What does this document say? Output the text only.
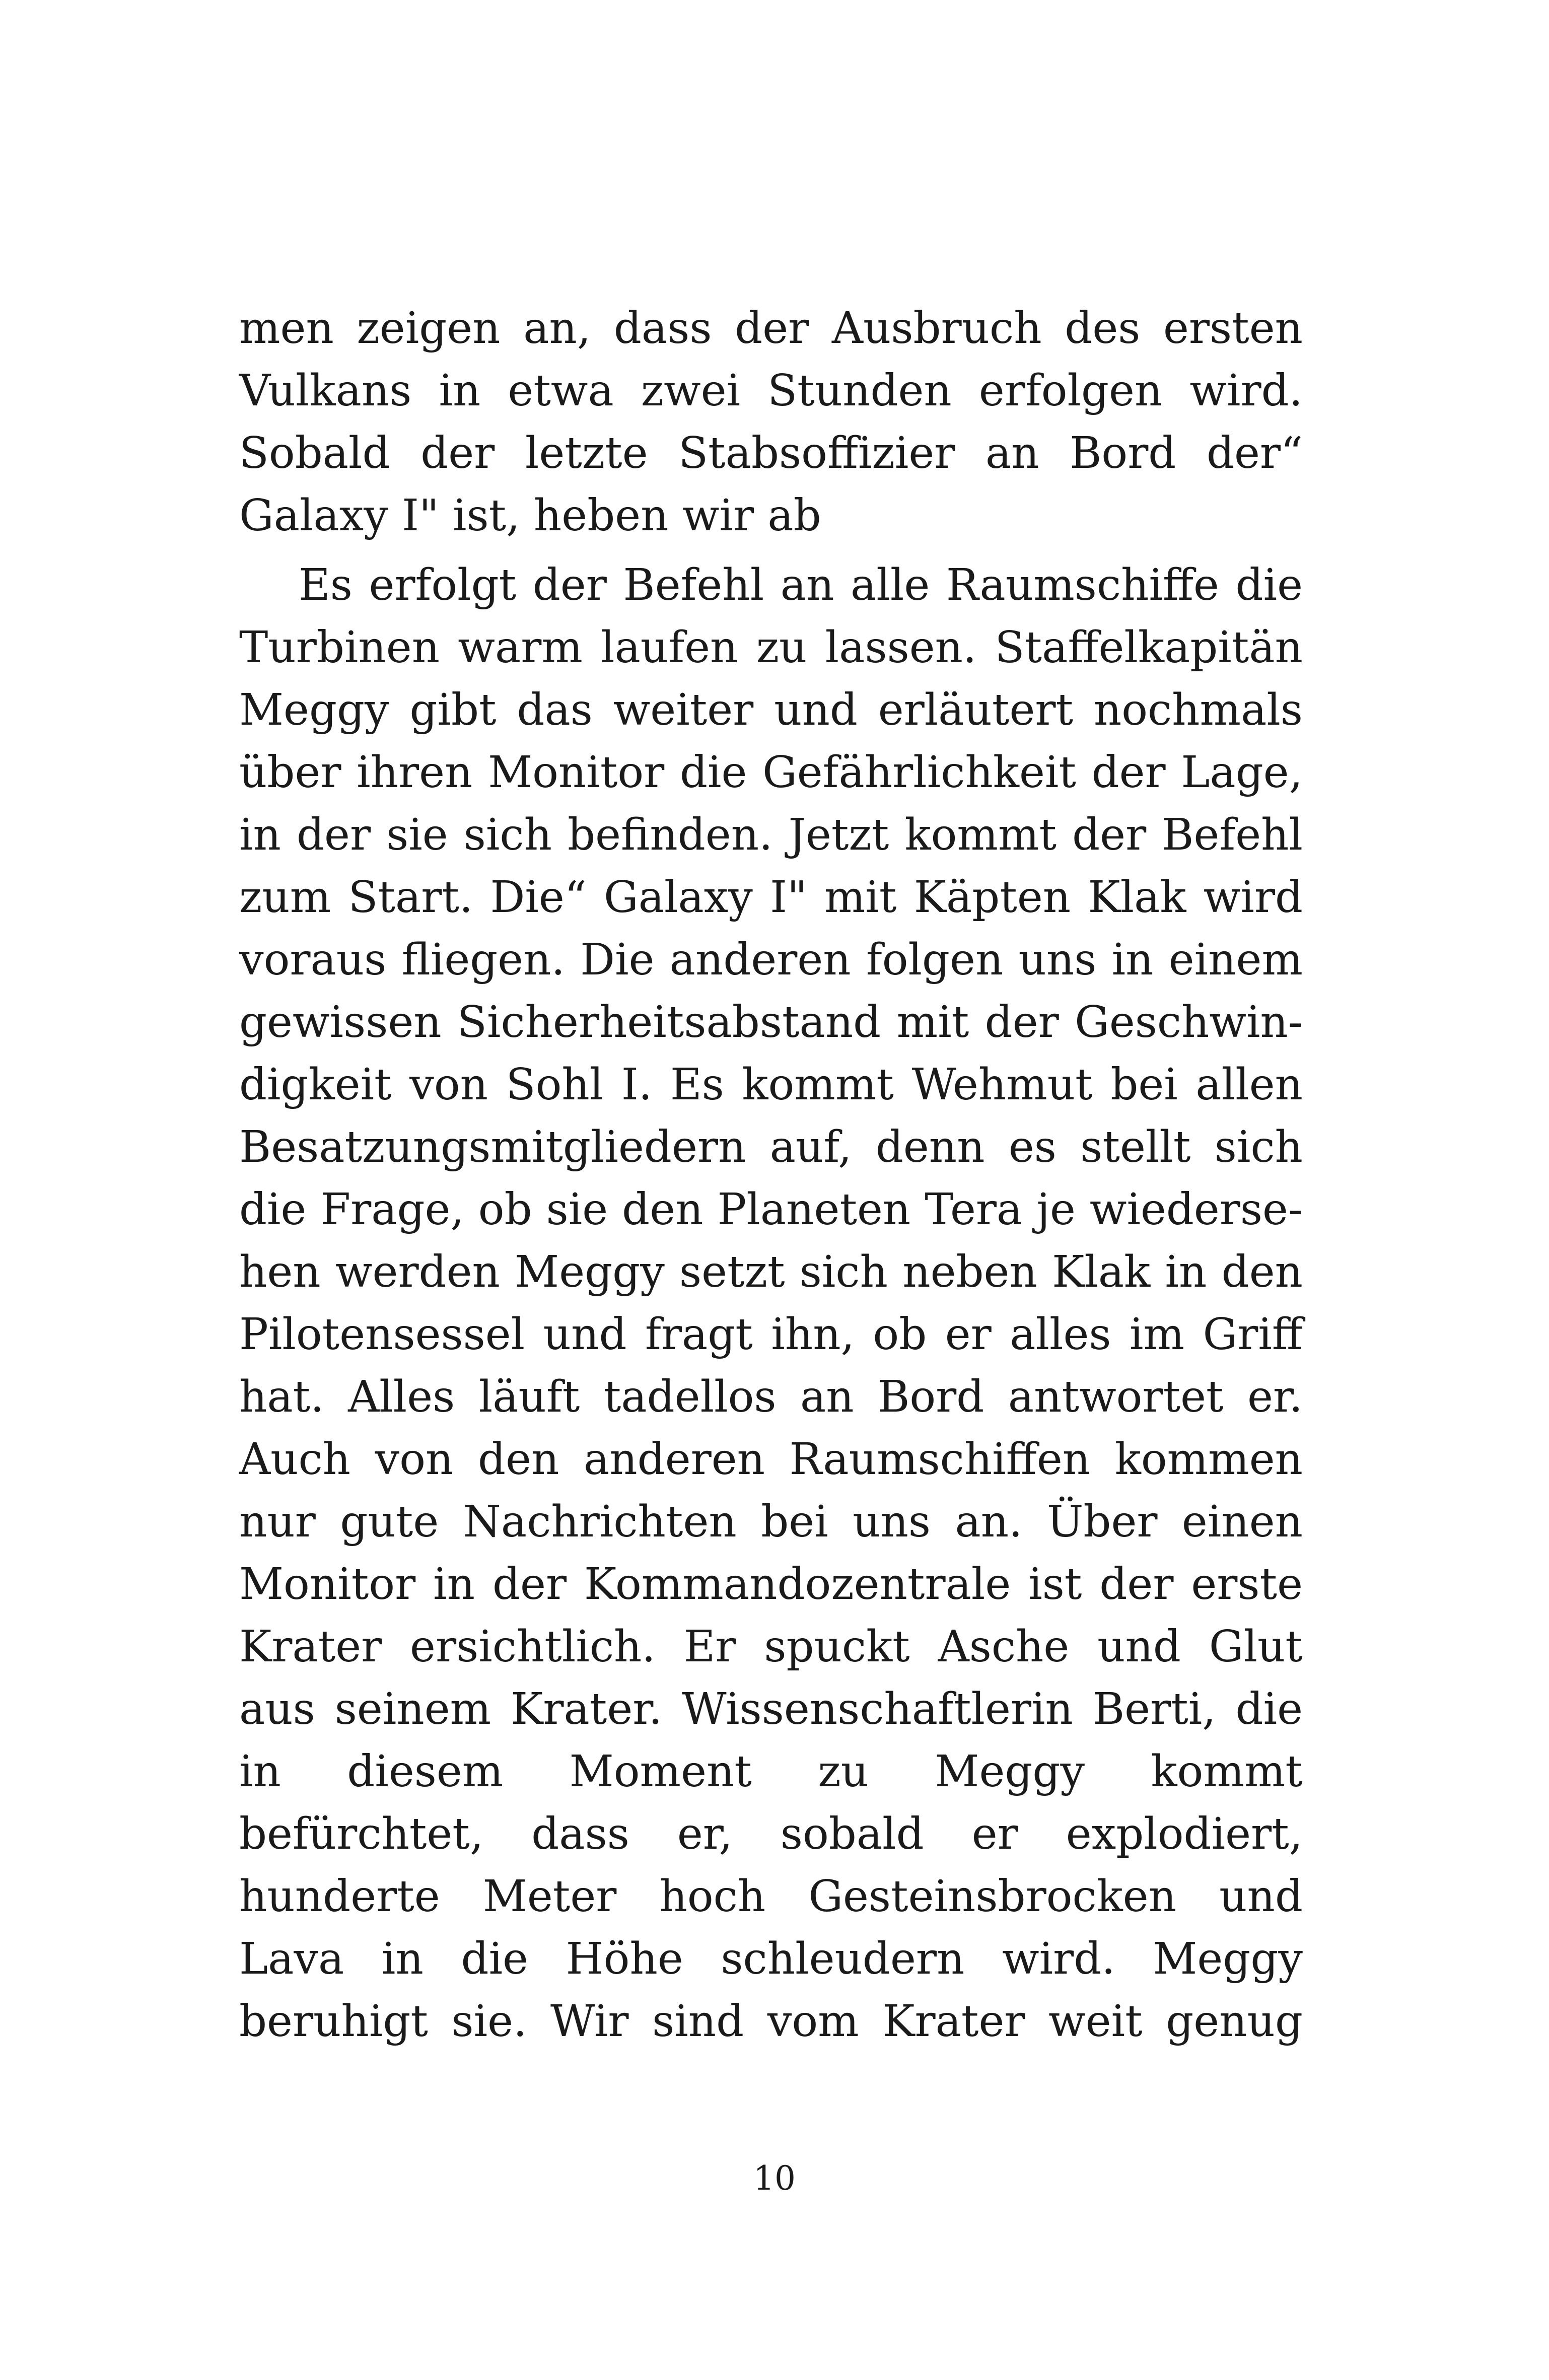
men zeigen an, dass der Ausbruch des ersten
Vulkans in etwa zwei Stunden erfolgen wird.
Sobald der letzte Stabsoffizier an Bord der“
Galaxy I" ist, heben wir ab
Es erfolgt der Befehl an alle Raumschiffe die
Turbinen warm laufen zu lassen. Staffelkapitän
Meggy gibt das weiter und erläutert nochmals
über ihren Monitor die Gefährlichkeit der Lage,
in der sie sich befinden. Jetzt kommt der Befehl
zum Start. Die“ Galaxy I" mit Käpten Klak wird
voraus fliegen. Die anderen folgen uns in einem
gewissen Sicherheitsabstand mit der Geschwin-
digkeit von Sohl I. Es kommt Wehmut bei allen
Besatzungsmitgliedern auf, denn es stellt sich
die Frage, ob sie den Planeten Tera je wiederse-
hen werden Meggy setzt sich neben Klak in den
Pilotensessel und fragt ihn, ob er alles im Griff
hat. Alles läuft tadellos an Bord antwortet er.
Auch von den anderen Raumschiffen kommen
nur gute Nachrichten bei uns an. Über einen
Monitor in der Kommandozentrale ist der erste
Krater ersichtlich. Er spuckt Asche und Glut
aus seinem Krater. Wissenschaftlerin Berti, die
in diesem Moment zu Meggy kommt
befürchtet, dass er, sobald er explodiert,
hunderte Meter hoch Gesteinsbrocken und
Lava in die Höhe schleudern wird. Meggy
beruhigt sie. Wir sind vom Krater weit genug
10
